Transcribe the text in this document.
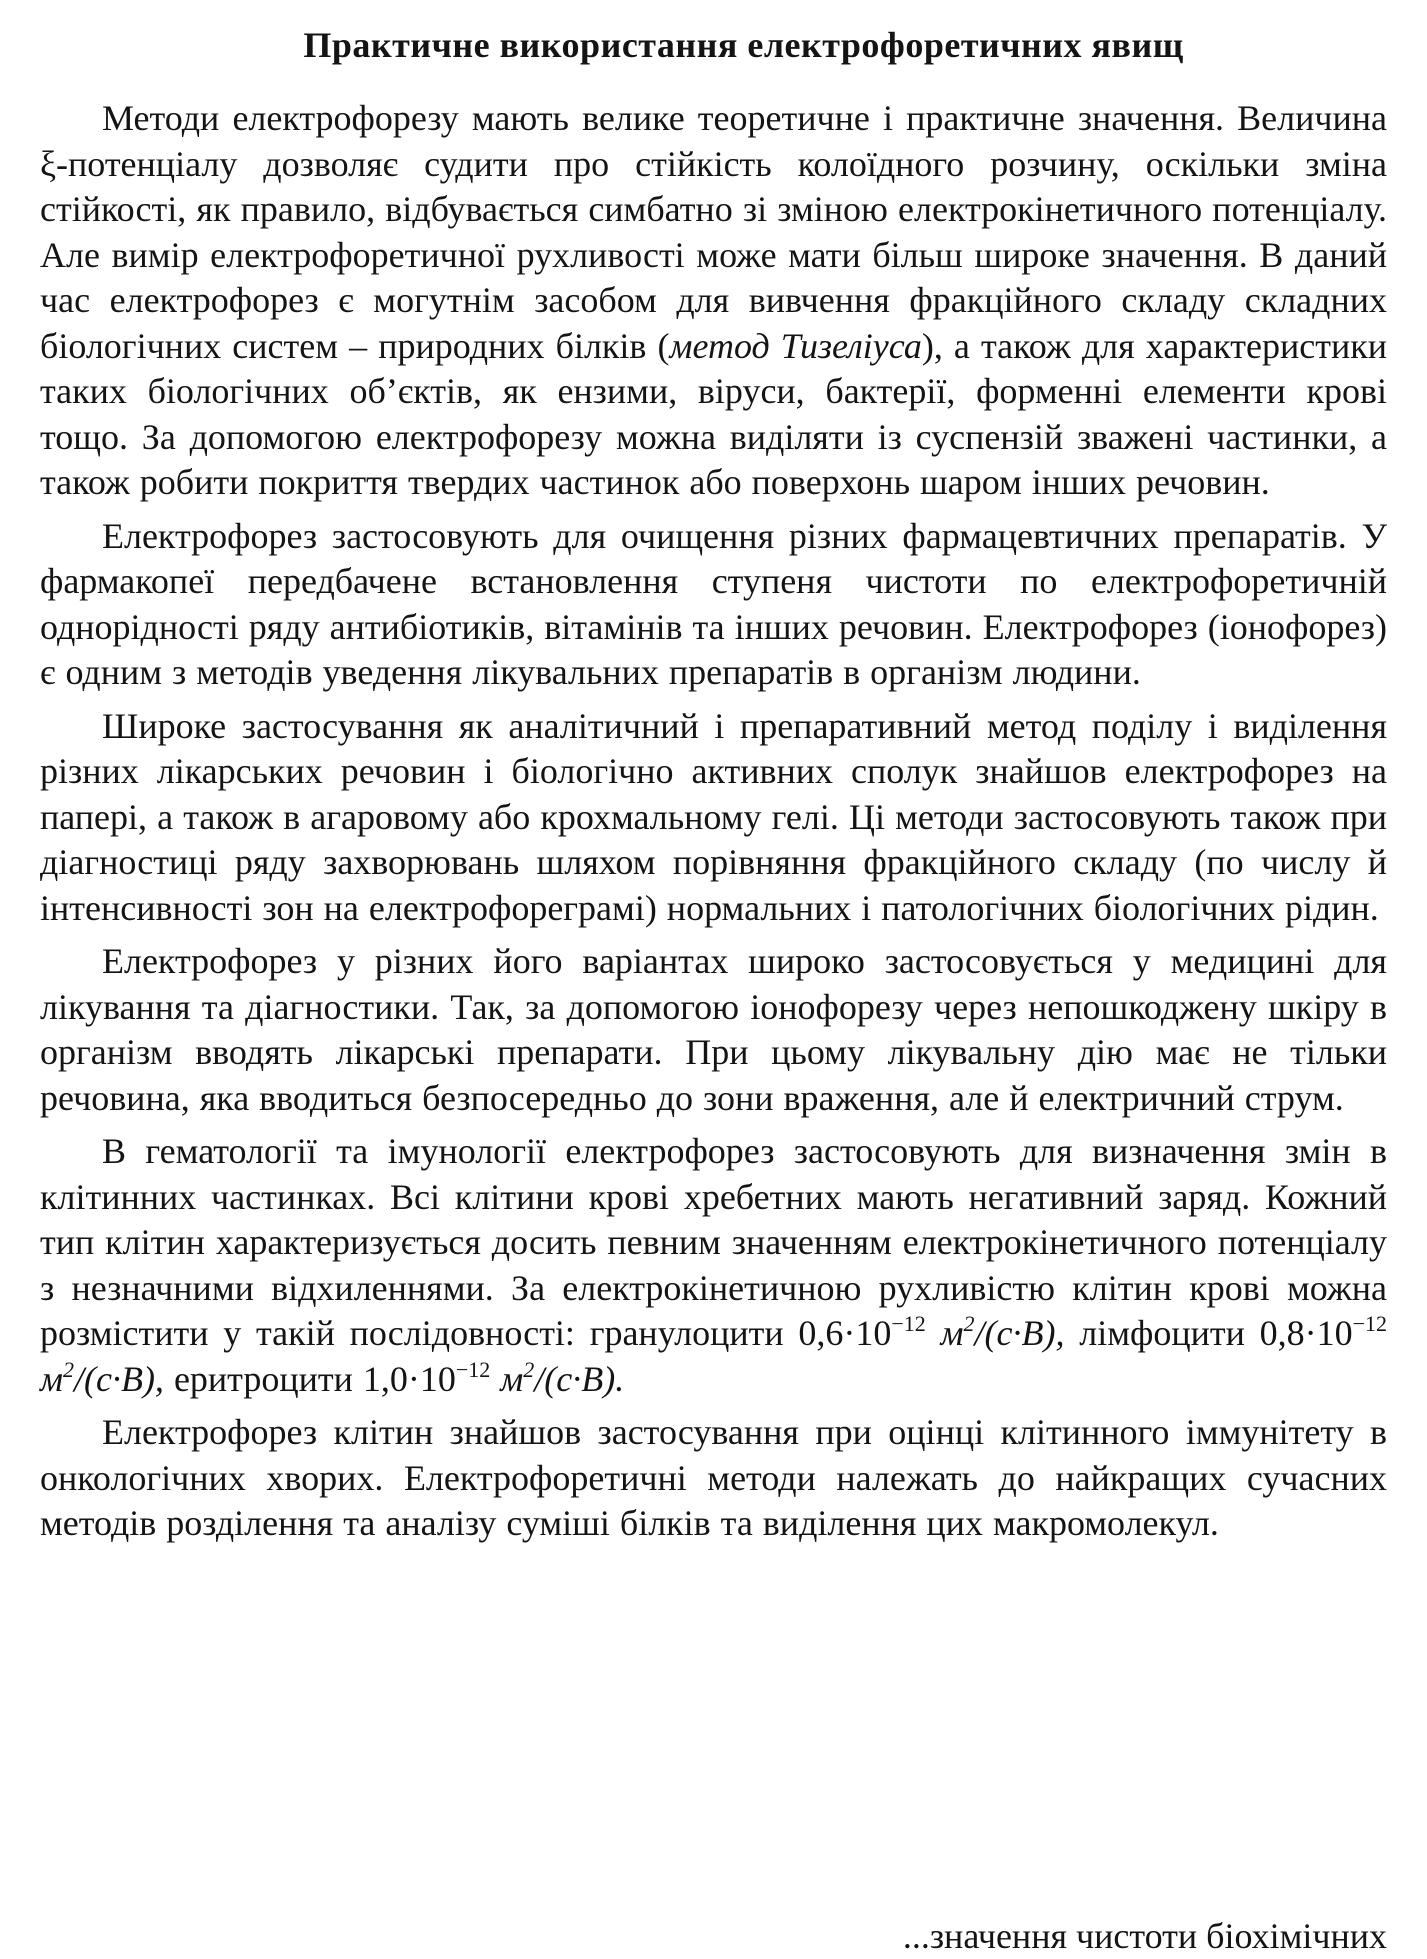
Практичне використання електрофоретичних явищ

Методи електрофорезу мають велике теоретичне і практичне значення. Величина ξ-потенціалу дозволяє судити про стійкість колоїдного розчину, оскільки зміна стійкості, як правило, відбувається симбатно зі зміною електрокінетичного потенціалу. Але вимір електрофоретичної рухливості може мати більш широке значення. В даний час електрофорез є могутнім засобом для вивчення фракційного складу складних біологічних систем – природних білків (метод Тизеліуса), а також для характеристики таких біологічних об’єктів, як ензими, віруси, бактерії, форменні елементи крові тощо. За допомогою електрофорезу можна виділяти із суспензій зважені частинки, а також робити покриття твердих частинок або поверхонь шаром інших речовин.

Електрофорез застосовують для очищення різних фармацевтичних препаратів. У фармакопеї передбачене встановлення ступеня чистоти по електрофоретичній однорідності ряду антибіотиків, вітамінів та інших речовин. Електрофорез (іонофорез) є одним з методів уведення лікувальних препаратів в організм людини.

Широке застосування як аналітичний і препаративний метод поділу і виділення різних лікарських речовин і біологічно активних сполук знайшов електрофорез на папері, а також в агаровому або крохмальному гелі. Ці методи застосовують також при діагностиці ряду захворювань шляхом порівняння фракційного складу (по числу й інтенсивності зон на електрофореграмі) нормальних і патологічних біологічних рідин.

Електрофорез у різних його варіантах широко застосовується у медицині для лікування та діагностики. Так, за допомогою іонофорезу через непошкоджену шкіру в організм вводять лікарські препарати. При цьому лікувальну дію має не тільки речовина, яка вводиться безпосередньо до зони враження, але й електричний струм.

В гематології та імунології електрофорез застосовують для визначення змін в клітинних частинках. Всі клітини крові хребетних мають негативний заряд. Кожний тип клітин характеризується досить певним значенням електрокінетичного потенціалу з незначними відхиленнями. За електрокінетичною рухливістю клітин крові можна розмістити у такій послідовності: гранулоцити $0,6\cdot 10^{-12}$ $м^2/(с\cdot В)$, лімфоцити $0,8\cdot 10^{-12}$ $м^2/(с\cdot В)$, еритроцити $1,0\cdot 10^{-12}$ $м^2/(с\cdot В)$.

Електрофорез клітин знайшов застосування при оцінці клітинного іммунітету в онкологічних хворих. Електрофоретичні методи належать до найкращих сучасних методів розділення та аналізу суміші білків та виділення цих макромолекул.

...значення чистоти біохімічних
